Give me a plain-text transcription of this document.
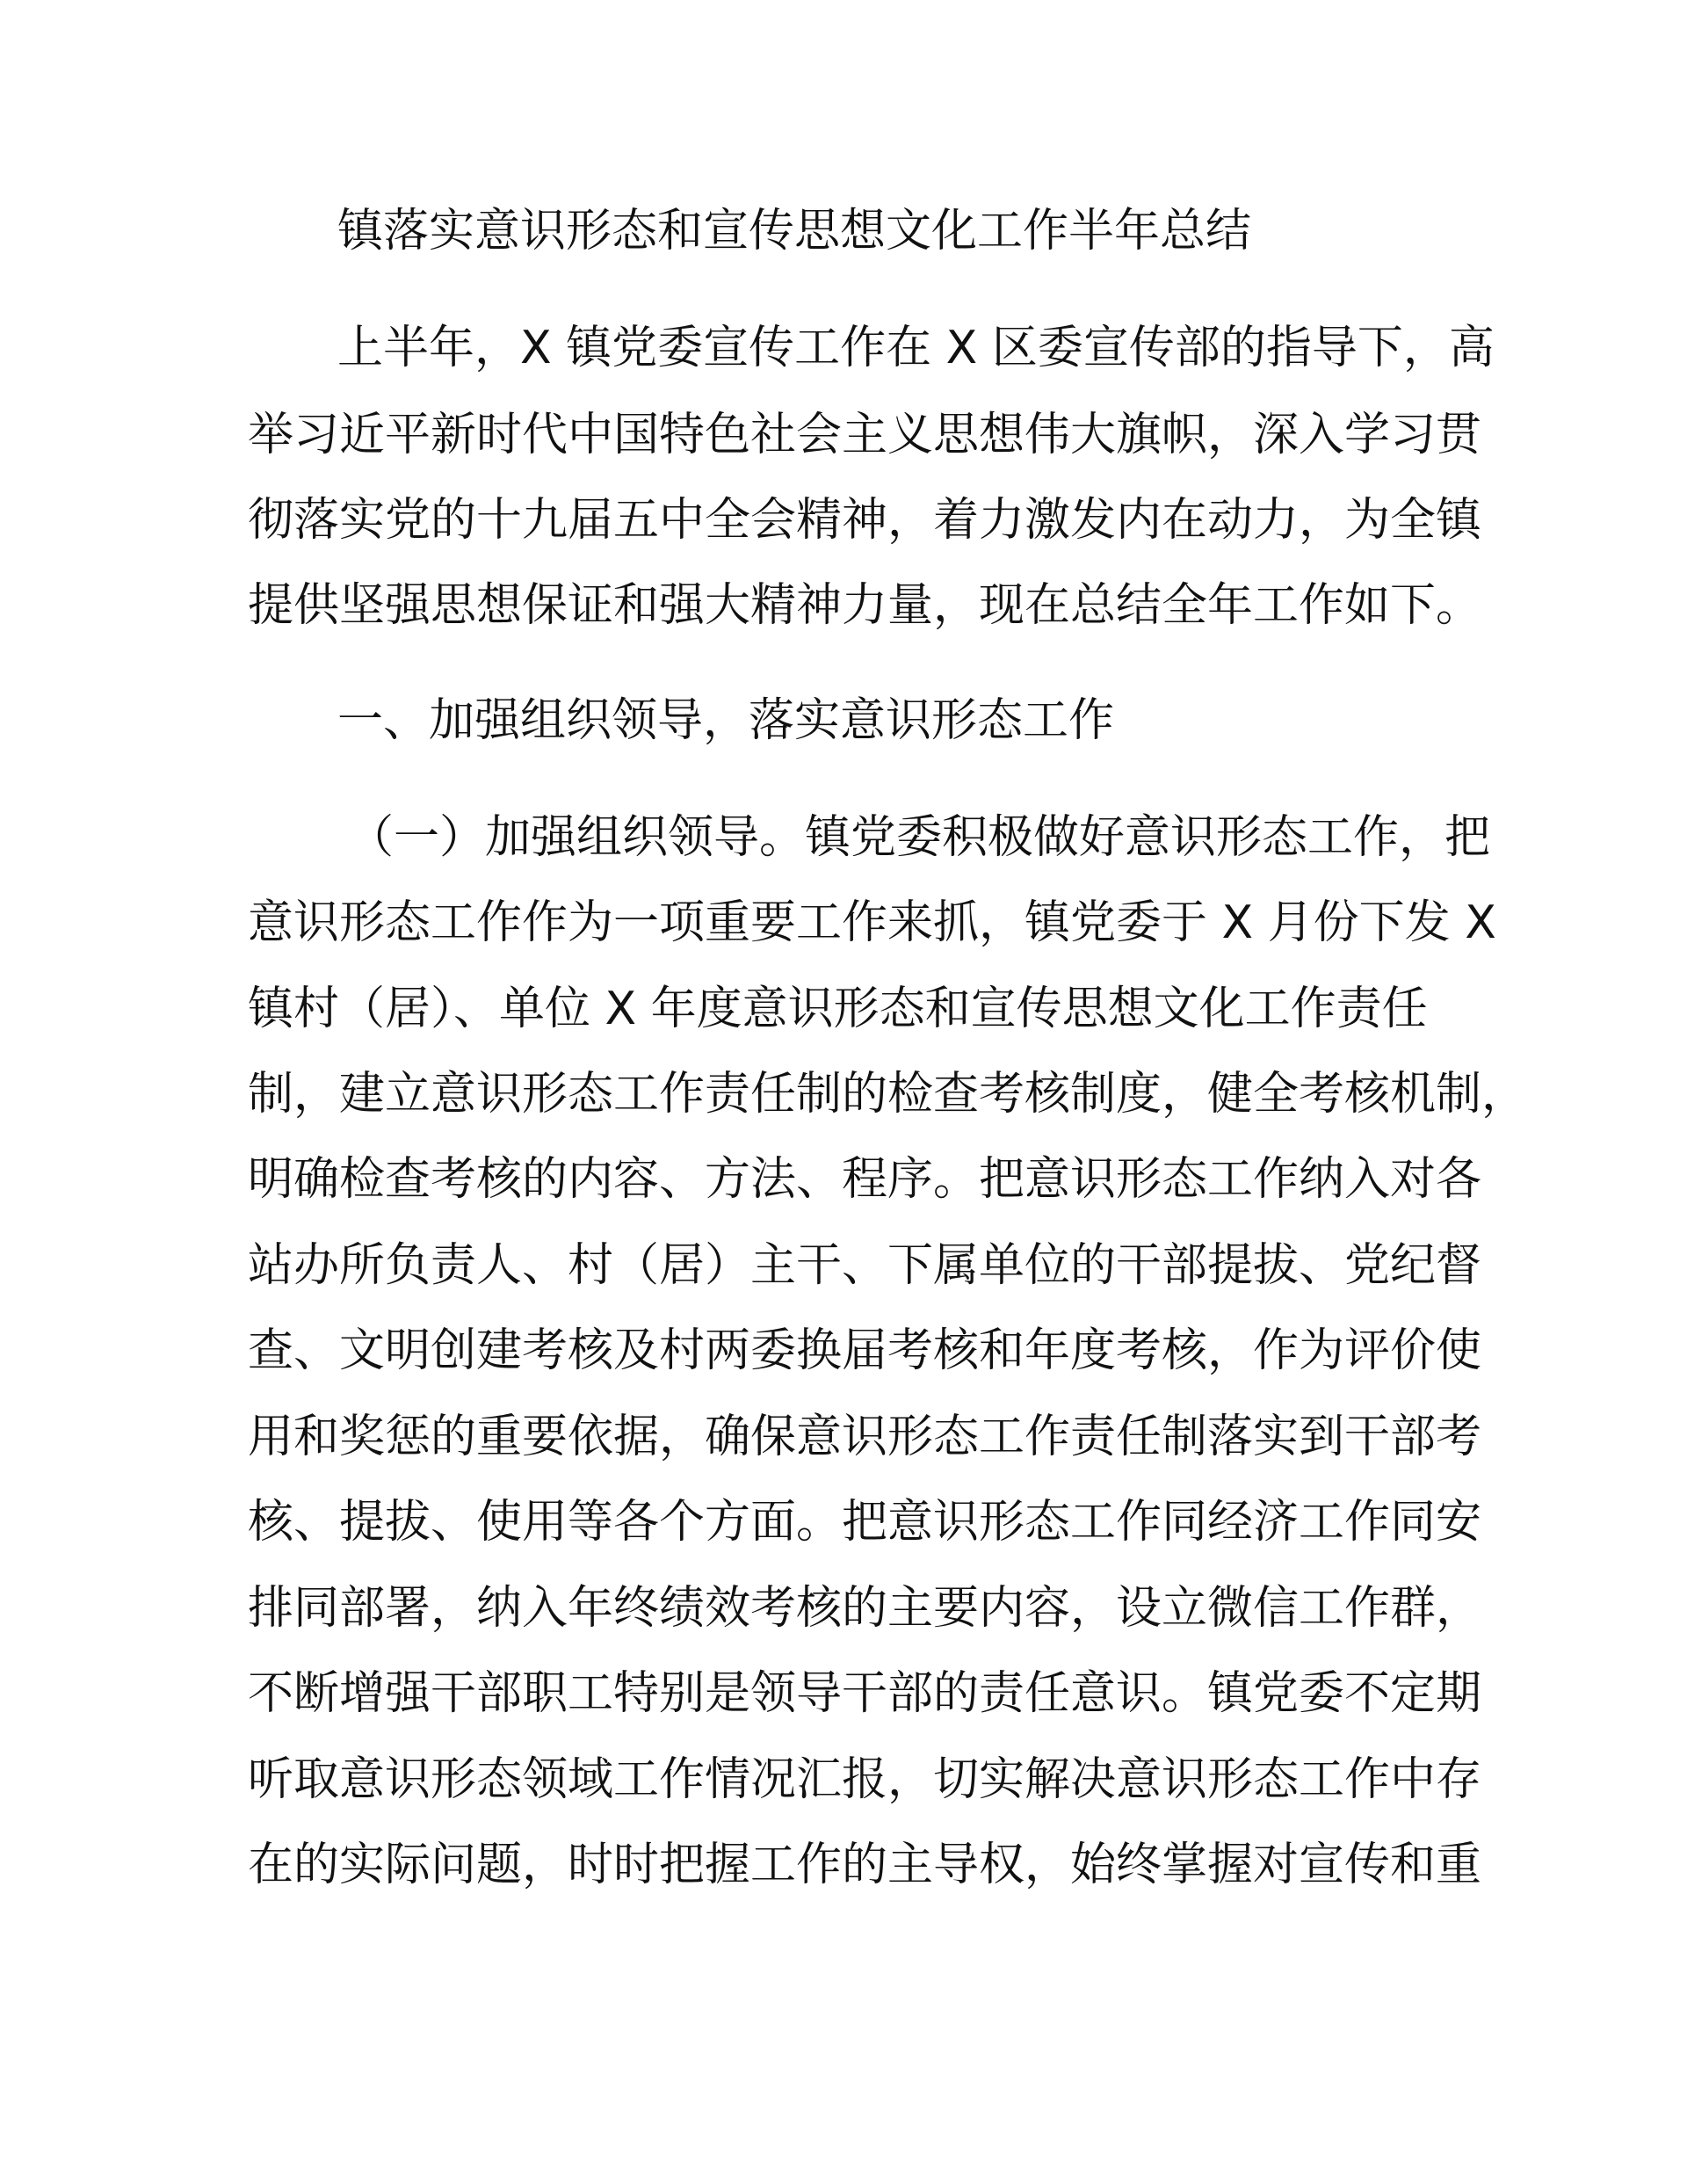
镇落实意识形态和宣传思想文化工作半年总结

上半年，X 镇党委宣传工作在 X 区委宣传部的指导下，高

举习近平新时代中国特色社会主义思想伟大旗帜，深入学习贯

彻落实党的十九届五中全会精神，着力激发内在动力，为全镇

提供坚强思想保证和强大精神力量，现在总结全年工作如下。

一、加强组织领导，落实意识形态工作

（一）加强组织领导。镇党委积极做好意识形态工作，把

意识形态工作作为一项重要工作来抓，镇党委于 X 月份下发 X

镇村（居）、单位 X 年度意识形态和宣传思想文化工作责任

制，建立意识形态工作责任制的检查考核制度，健全考核机制，

明确检查考核的内容、方法、程序。把意识形态工作纳入对各

站办所负责人、村（居）主干、下属单位的干部提拔、党纪督

查、文明创建考核及村两委换届考核和年度考核，作为评价使

用和奖惩的重要依据，确保意识形态工作责任制落实到干部考

核、提拔、使用等各个方面。把意识形态工作同经济工作同安

排同部署，纳入年终绩效考核的主要内容，设立微信工作群，

不断增强干部职工特别是领导干部的责任意识。镇党委不定期

听取意识形态领域工作情况汇报，切实解决意识形态工作中存

在的实际问题，时时把握工作的主导权，始终掌握对宣传和重
